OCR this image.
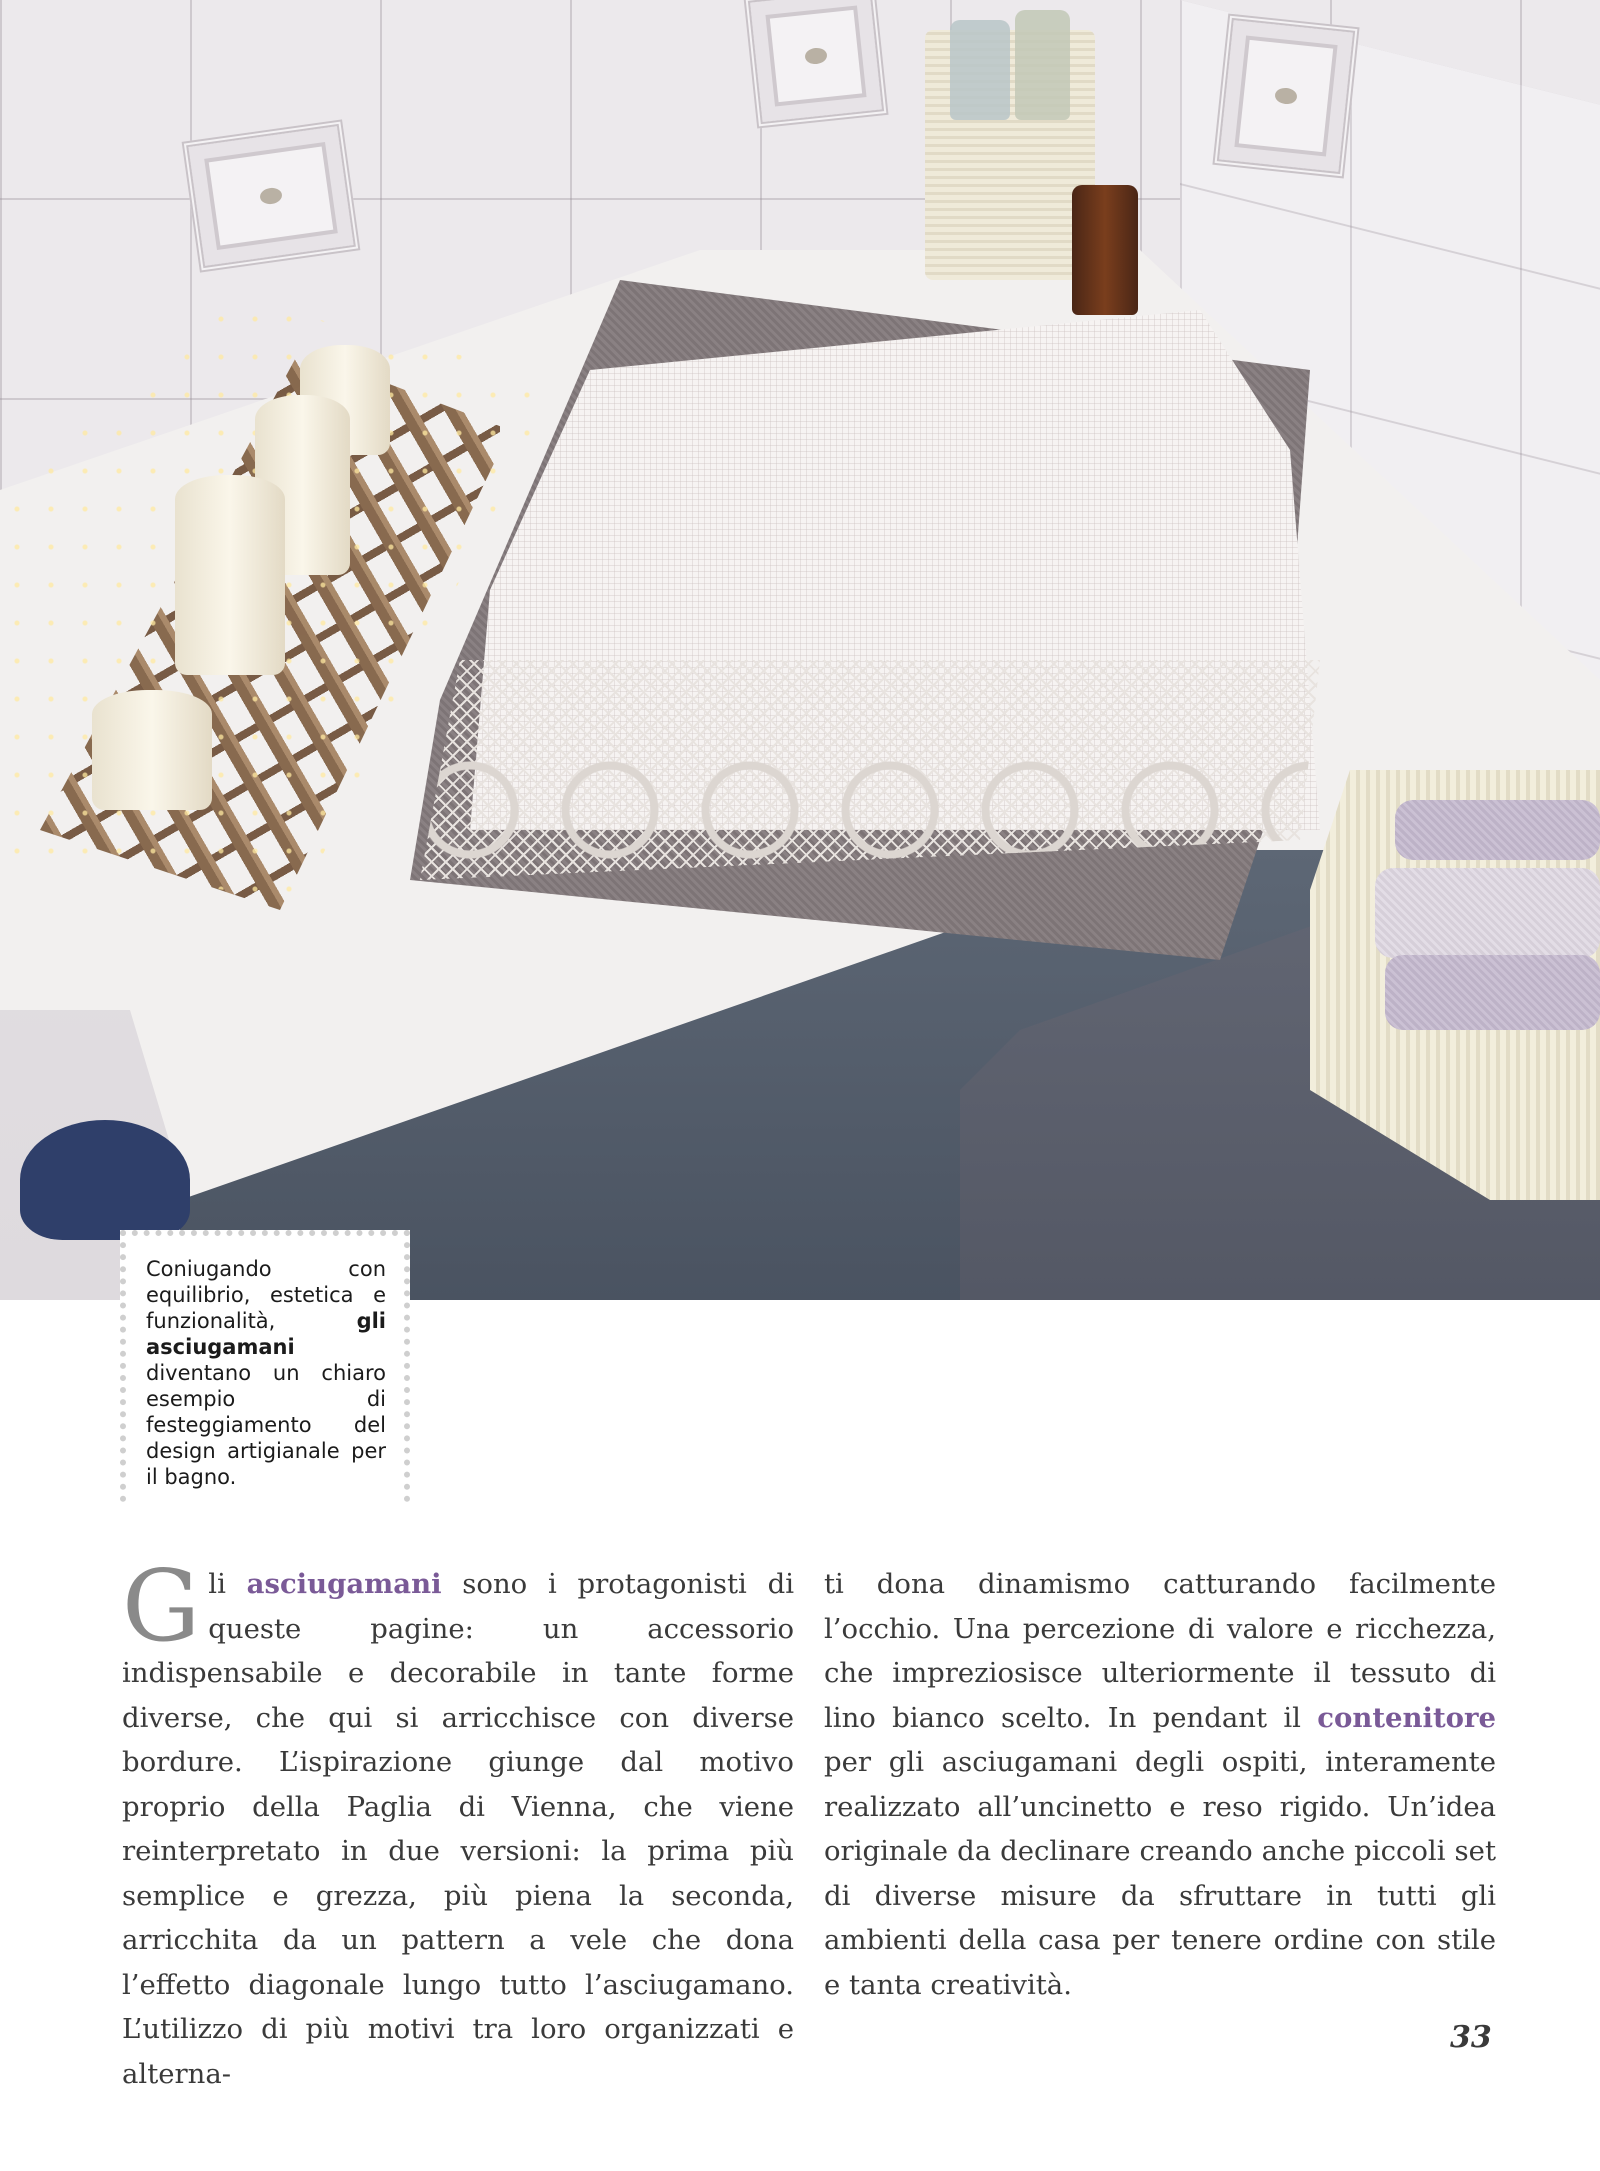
Coniugando con equilibrio, estetica e funzionalità,	gli asciugamani diventano un chiaro esempio di festeggiamento del design artigianale per il bagno.
Gli asciugamani sono i protagonisti di queste pagine: un accessorio indispensabile e decorabile in tante forme diverse, che qui si arricchisce con diverse bordure. L’ispirazione giunge dal motivo proprio della Paglia di Vienna, che viene reinterpretato in due versioni: la prima più semplice e grezza, più piena la seconda, arricchita da un pattern a vele che dona l’effetto diagonale lungo tutto l’asciugamano. L’utilizzo di più motivi tra loro organizzati e alterna-
ti dona dinamismo catturando facilmente l’occhio. Una percezione di valore e ricchezza, che impreziosisce ulteriormente il tessuto di lino bianco scelto. In pendant il contenitore per gli asciugamani degli ospiti, interamente realizzato all’uncinetto e reso rigido. Un’idea originale da declinare creando anche piccoli set di diverse misure da sfruttare in tutti gli ambienti della casa per tenere ordine con stile e tanta creatività.
33
